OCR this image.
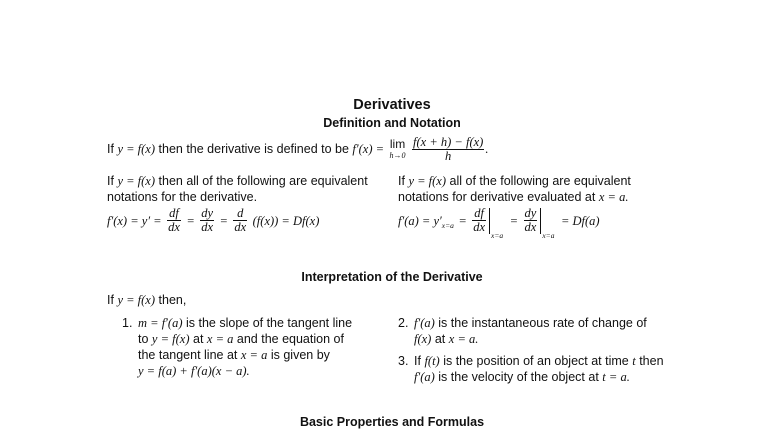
Derivatives
Definition and Notation
If y = f(x) then the derivative is defined to be f′(x) = lim
h→0
$\frac{f(x + h) - f(x)}{h}$ .
If y = f(x) then all of the following are equivalent
notations for the derivative.
$f'(x) = y' = \frac{df}{dx} = \frac{dy}{dx} = \frac{d}{dx} (f(x)) = Df(x)$
If y = f(x) all of the following are equivalent
notations for derivative evaluated at x = a.
$f'(a) = y'x=a = \frac{df}{dx}$
$x=a = \frac{dy}{dx}$
x=a = Df(a)
Interpretation of the Derivative
If y = f(x) then,
1. m = f′(a) is the slope of the tangent line
to y = f(x) at x = a and the equation of
the tangent line at x = a is given by
y = f(a) + f′(a)(x − a).
2. f′(a) is the instantaneous rate of change of
f(x) at x = a.
3. If f(t) is the position of an object at time t then
f′(a) is the velocity of the object at t = a.
Basic Properties and Formulas
